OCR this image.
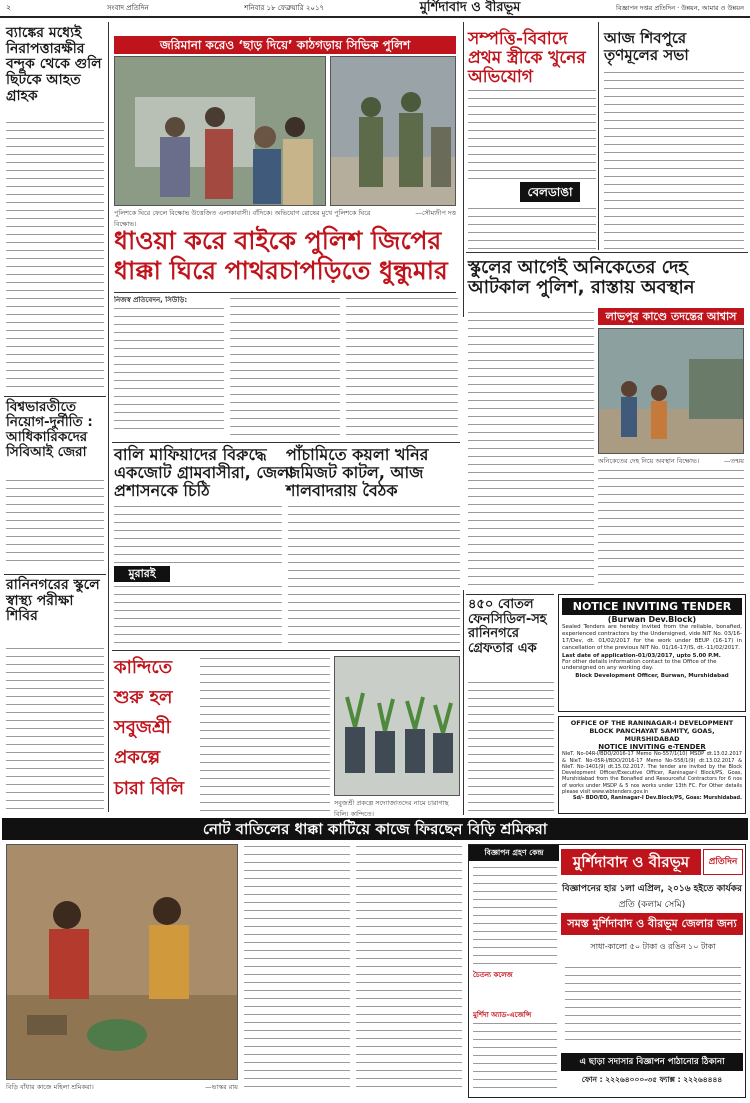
২	সংবাদ প্রতিদিন	শনিবার ১৮ ফেব্রুয়ারি ২০১৭	মুর্শিদাবাদ ও বীরভূম	বিজ্ঞাপন দপ্তর প্রতিদিন · উন্নয়ন, আমার ও উন্নয়ন
ব্যাঙ্কের মধ্যেই নিরাপত্তারক্ষীর বন্দুক থেকে গুলি ছিটকে আহত গ্রাহক
বিশ্বভারতীতে নিয়োগ-দুর্নীতি : আধিকারিকদের সিবিআই জেরা
রানিনগরের স্কুলে স্বাস্থ্য পরীক্ষা শিবির
জরিমানা করেও ‘ছাড় দিয়ে’ কাঠগড়ায় সিভিক পুলিশ
পুলিশকে ঘিরে ফেলে বিক্ষোভ উত্তেজিত এলাকাবাসী। বাঁদিকে। অভিযোগ রোষের মুখে পুলিশকে ঘিরে বিক্ষোভ।
—সৌম্যদীপ দত্ত
ধাওয়া করে বাইকে পুলিশ জিপের ধাক্কা ঘিরে পাথরচাপড়িতে ধুন্ধুমার
নিজস্ব প্রতিবেদন, সিউড়ি:
সম্পত্তি-বিবাদে প্রথম স্ত্রীকে খুনের অভিযোগ
বেলডাঙা
আজ শিবপুরে তৃণমূলের সভা
স্কুলের আগেই অনিকেতের দেহ আটকাল পুলিশ, রাস্তায় অবস্থান
লাভপুর কাণ্ডে তদন্তের আশ্বাস
অনিকেতের দেহ নিয়ে অবস্থান বিক্ষোভ।	—তন্ময়
বালি মাফিয়াদের বিরুদ্ধে একজোট গ্রামবাসীরা, জেলা প্রশাসনকে চিঠি
পাঁচামিতে কয়লা খনির জমিজট কাটল, আজ শালবাদরায় বৈঠক
মুরারই
কান্দিতে
শুরু হল
সবুজশ্রী
প্রকল্পে
চারা বিলি
সবুজশ্রী প্রকল্পে সদ্যোজাতদের নামে চারাগাছ বিলি। কান্দিতে।
৪৫০ বোতল ফেনসিডিল-সহ রানিনগরে গ্রেফতার এক
NOTICE INVITING TENDER
(Burwan Dev.Block)
Sealed Tenders are hereby invited from the reliable, bonafied, experienced contractors by the Undersigned, vide NIT No. 03/16-17/Dev, dt. 01/02/2017 for the work under BEUP (16-17) in cancellation of the previous NIT No. 01/16-17/IS, dt.-11/02/2017.
Last date of application-01/03/2017, upto 5.00 P.M.
For other details information contact to the Office of the undersigned on any working day.
Block Development Officer, Burwan, Murshidabad
OFFICE OF THE RANINAGAR-I DEVELOPMENT BLOCK PANCHAYAT SAMITY, GOAS, MURSHIDABAD
NOTICE INVITING e-TENDER
NIeT. No-04R-I/BDO/2016-17 Memo No-557/1(10) MSDP dt.13.02.2017 & NIeT. No-05R-I/BDO/2016-17 Memo No-558/1(9) dt.13.02.2017 & NIeT. No-1401(9) dt.15.02.2017. The tender are invited by the Block Development Officer/Executive Officer, Raninagar-I Block/PS, Goas, Murshidabad from the Bonafied and Resourceful Contractors for 6 nos of works under MSDP & 5 nos works under 13th FC. For Other details please visit www.wbtenders.gov.in
Sd/- BDO/EO, Raninagar-I Dev.Block/PS, Goas: Murshidabad.
নোট বাতিলের ধাক্কা কাটিয়ে কাজে ফিরছেন বিড়ি শ্রমিকরা
বিড়ি বাঁধার কাজে মহিলা শ্রমিকরা।	—ভাস্কর রায়
বিজ্ঞাপন গ্রহণ কেন্দ্র
চৈতন্য কলেজ
মুর্শিদা অ্যাড-এজেন্সি
মুর্শিদাবাদ ও বীরভূম	প্রতিদিন
বিজ্ঞাপনের হার ১লা এপ্রিল, ২০১৬ হইতে কার্যকর
প্রতি (কলাম সেমি)
সমস্ত মুর্শিদাবাদ ও বীরভূম জেলার জন্য
সাধা-কালো ৫০ টাকা ও রঙিন ১০ টাকা
এ ছাড়া সদাসার বিজ্ঞাপন পাঠানোর ঠিকানা
ফোন : ২২২৬৪০০০-৩৫ ফ্যাক্স : ২২২৬৪৪৪৪
